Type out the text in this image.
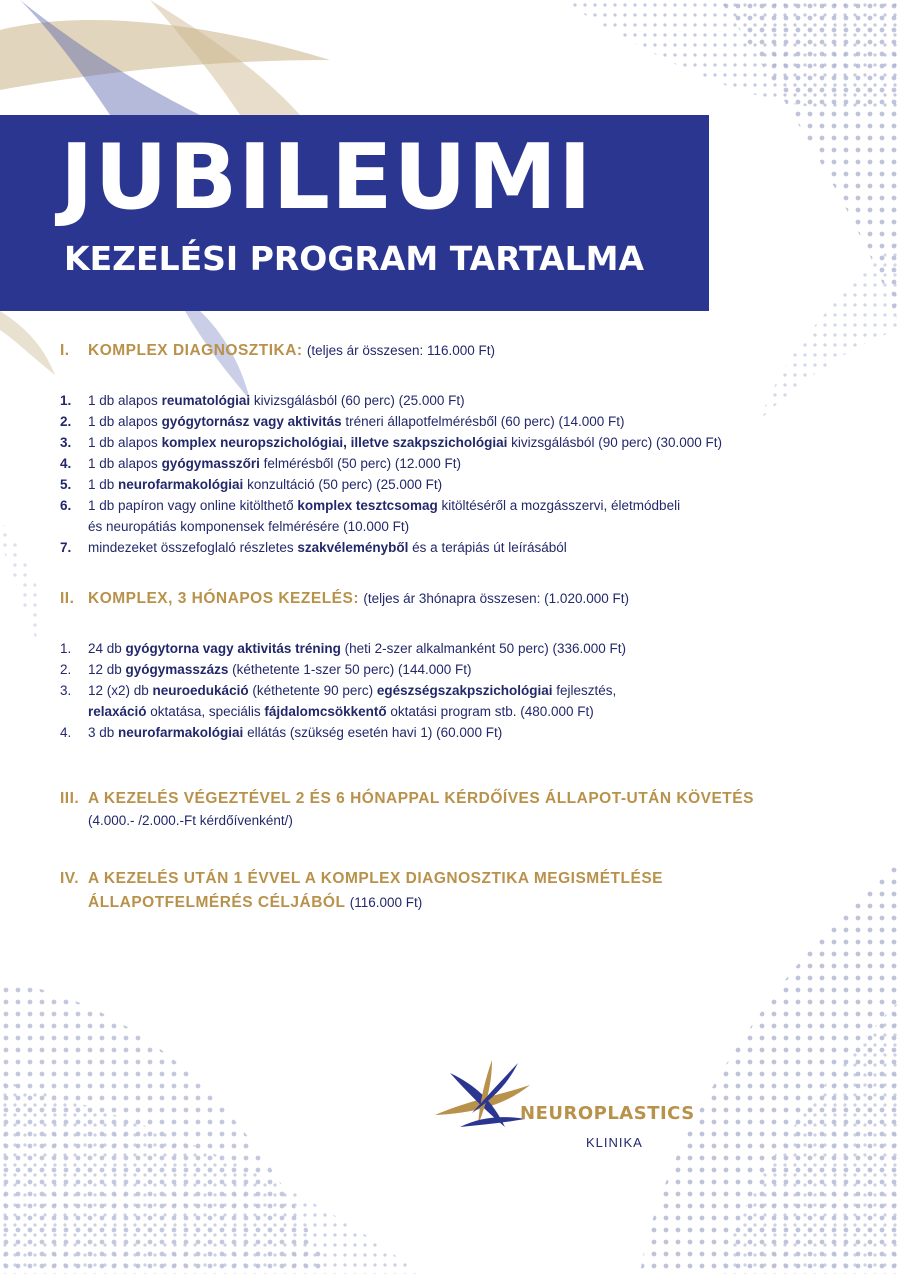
JUBILEUMI
KEZELÉSI PROGRAM TARTALMA
I. KOMPLEX DIAGNOSZTIKA: (teljes ár összesen: 116.000 Ft)
1. 1 db alapos reumatológiai kivizsgálásból (60 perc) (25.000 Ft)
2. 1 db alapos gyógytornász vagy aktivitás tréneri állapotfelmérésből (60 perc) (14.000 Ft)
3. 1 db alapos komplex neuropszichológiai, illetve szakpszichológiai kivizsgálásból (90 perc) (30.000 Ft)
4. 1 db alapos gyógymasszőri felmérésből (50 perc) (12.000 Ft)
5. 1 db neurofarmakológiai konzultáció (50 perc) (25.000 Ft)
6. 1 db papíron vagy online kitölthető komplex tesztcsomag kitöltéséről a mozgásszervi, életmódbeli
és neuropátiás komponensek felmérésére (10.000 Ft)
7. mindezeket összefoglaló részletes szakvéleményből és a terápiás út leírásából
II. KOMPLEX, 3 HÓNAPOS KEZELÉS: (teljes ár 3hónapra összesen: (1.020.000 Ft)
1. 24 db gyógytorna vagy aktivitás tréning (heti 2-szer alkalmanként 50 perc) (336.000 Ft)
2. 12 db gyógymasszázs (kéthetente 1-szer 50 perc) (144.000 Ft)
3. 12 (x2) db neuroedukáció (kéthetente 90 perc) egészségszakpszichológiai fejlesztés,
relaxáció oktatása, speciális fájdalomcsökkentő oktatási program stb. (480.000 Ft)
4. 3 db neurofarmakológiai ellátás (szükség esetén havi 1) (60.000 Ft)
III. A KEZELÉS VÉGEZTÉVEL 2 ÉS 6 HÓNAPPAL KÉRDŐÍVES ÁLLAPOT-UTÁN KÖVETÉS
(4.000.- /2.000.-Ft kérdőívenként/)
IV. A KEZELÉS UTÁN 1 ÉVVEL A KOMPLEX DIAGNOSZTIKA MEGISMÉTLÉSE
ÁLLAPOTFELMÉRÉS CÉLJÁBÓL (116.000 Ft)
NEUROPLASTICS
KLINIKA
